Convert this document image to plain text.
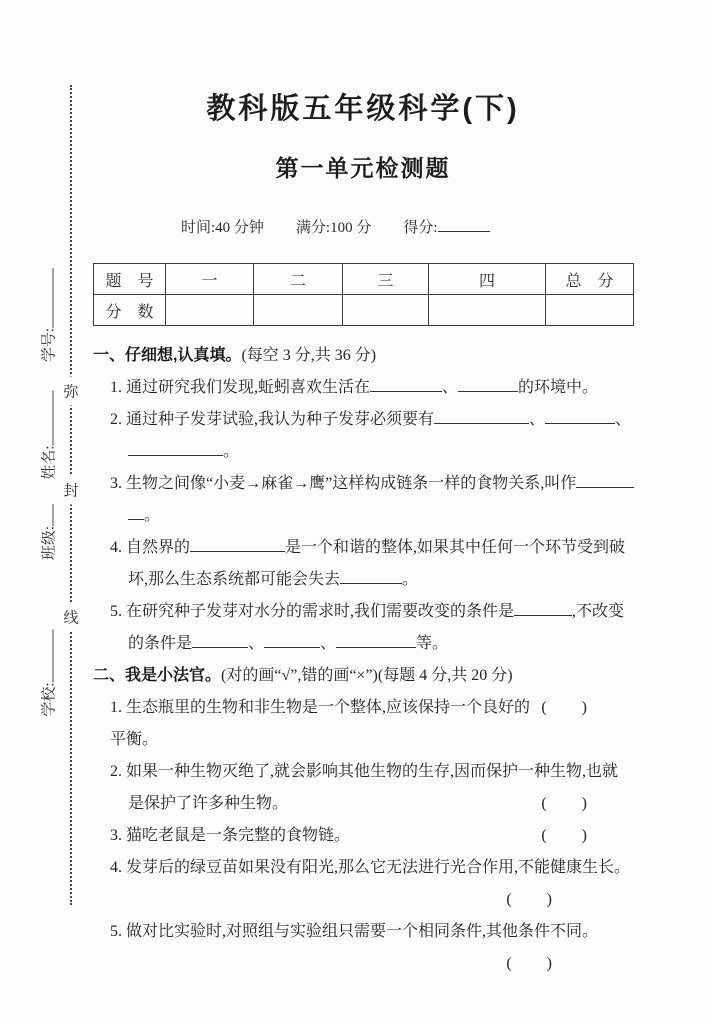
学号:
姓名:
班级:
学校:
弥
封
线
教科版五年级科学(下)
第一单元检测题
时间:40 分钟 满分:100 分 得分:
题　号	一	二	三	四	总　分
分　数					
一、仔细想,认真填。(每空 3 分,共 36 分)
1. 通过研究我们发现,蚯蚓喜欢生活在	、	的环境中。
2. 通过种子发芽试验,我认为种子发芽必须要有	、	、
。
3. 生物之间像“小麦→麻雀→鹰”这样构成链条一样的食物关系,叫作
。
4. 自然界的	是一个和谐的整体,如果其中任何一个环节受到破
坏,那么生态系统都可能会失去	。
5. 在研究种子发芽对水分的需求时,我们需要改变的条件是	,不改变
的条件是	、	、	等。
二、我是小法官。(对的画“√”,错的画“×”)(每题 4 分,共 20 分)
1. 生态瓶里的生物和非生物是一个整体,应该保持一个良好的平衡。
(　　)
2. 如果一种生物灭绝了,就会影响其他生物的生存,因而保护一种生物,也就
是保护了许多种生物。	(　　)
3. 猫吃老鼠是一条完整的食物链。	(　　)
4. 发芽后的绿豆苗如果没有阳光,那么它无法进行光合作用,不能健康生长。
(　　)
5. 做对比实验时,对照组与实验组只需要一个相同条件,其他条件不同。
(　　)
